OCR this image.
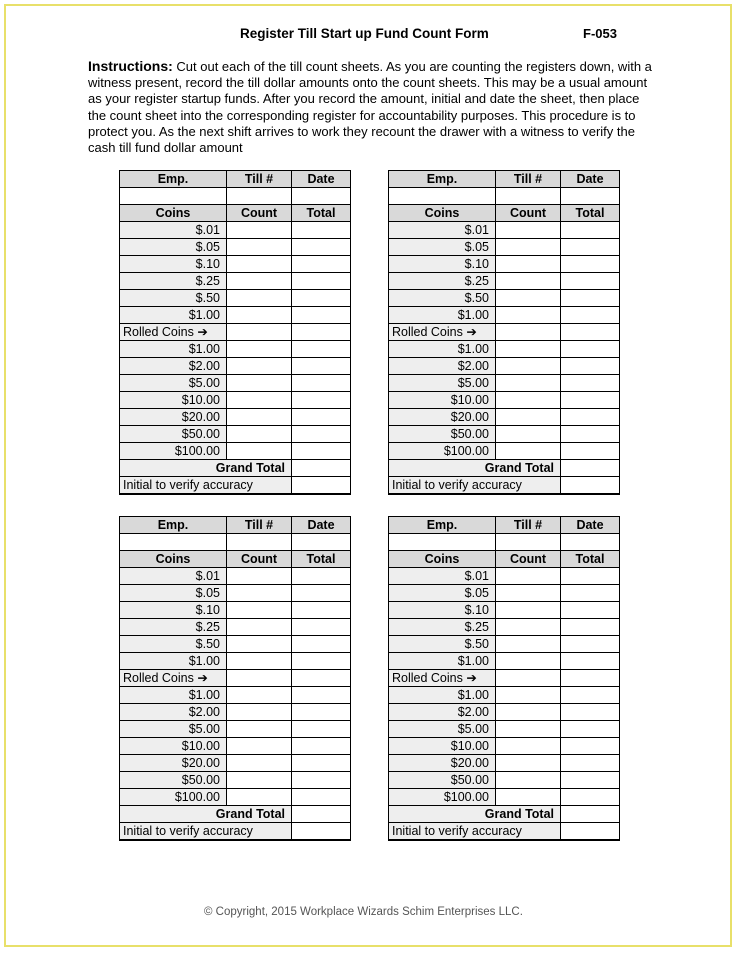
Register Till Start up Fund Count Form	F-053
Instructions: Cut out each of the till count sheets. As you are counting the registers down, with a witness present, record the till dollar amounts onto the count sheets. This may be a usual amount as your register startup funds. After you record the amount, initial and date the sheet, then place the count sheet into the corresponding register for accountability purposes. This procedure is to protect you. As the next shift arrives to work they recount the drawer with a witness to verify the cash till fund dollar amount
Emp.	Till #	Date

Coins	Count	Total
$.01		
$.05		
$.10		
$.25		
$.50		
$1.00		
Rolled Coins ➔		
$1.00		
$2.00		
$5.00		
$10.00		
$20.00		
$50.00		
$100.00		
Grand Total		
Initial to verify accuracy		
Emp.	Till #	Date

Coins	Count	Total
$.01		
$.05		
$.10		
$.25		
$.50		
$1.00		
Rolled Coins ➔		
$1.00		
$2.00		
$5.00		
$10.00		
$20.00		
$50.00		
$100.00		
Grand Total		
Initial to verify accuracy		
Emp.	Till #	Date

Coins	Count	Total
$.01		
$.05		
$.10		
$.25		
$.50		
$1.00		
Rolled Coins ➔		
$1.00		
$2.00		
$5.00		
$10.00		
$20.00		
$50.00		
$100.00		
Grand Total		
Initial to verify accuracy		
Emp.	Till #	Date

Coins	Count	Total
$.01		
$.05		
$.10		
$.25		
$.50		
$1.00		
Rolled Coins ➔		
$1.00		
$2.00		
$5.00		
$10.00		
$20.00		
$50.00		
$100.00		
Grand Total		
Initial to verify accuracy		
© Copyright, 2015 Workplace Wizards Schim Enterprises LLC.
